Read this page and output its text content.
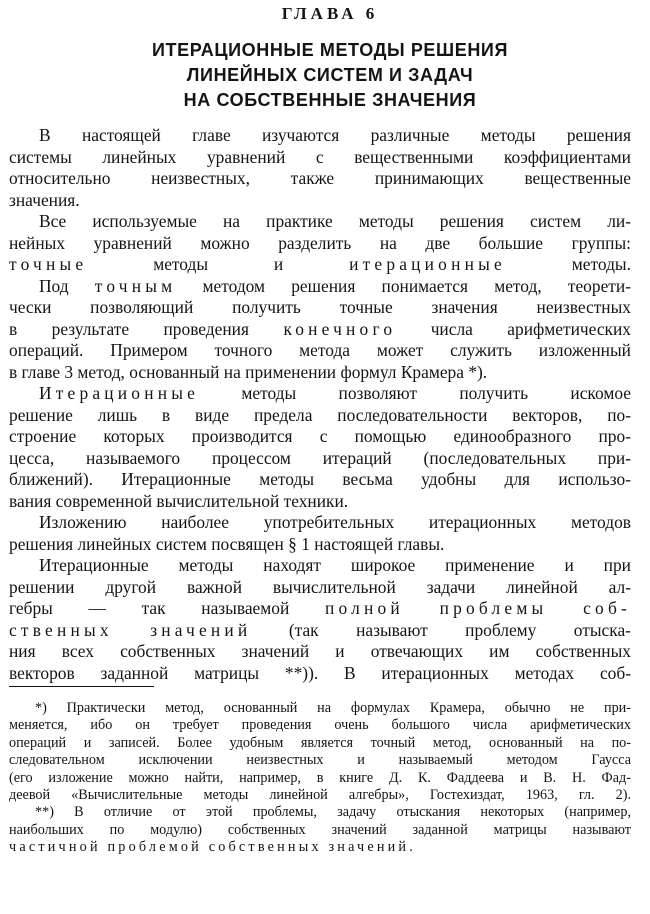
ГЛАВА 6
ИТЕРАЦИОННЫЕ МЕТОДЫ РЕШЕНИЯ
ЛИНЕЙНЫХ СИСТЕМ И ЗАДАЧ
НА СОБСТВЕННЫЕ ЗНАЧЕНИЯ

В настоящей главе изучаются различные методы решения
системы линейных уравнений с вещественными коэффициентами
относительно неизвестных, также принимающих вещественные
значения.

Все используемые на практике методы решения систем ли-
нейных уравнений можно разделить на две большие группы:
точные	методы и	итерационные	методы.

Под точным методом решения понимается метод, теорети-
чески позволяющий получить точные значения неизвестных
в результате проведения конечного числа арифметических
операций. Примером точного метода может служить изложенный
в главе 3 метод, основанный на применении формул Крамера *).

Итерационные методы позволяют получить искомое
решение лишь в виде предела последовательности векторов, по-
строение которых производится с помощью единообразного про-
цесса, называемого процессом итераций (последовательных при-
ближений). Итерационные методы весьма удобны для использо-
вания современной вычислительной техники.

Изложению наиболее употребительных итерационных методов
решения линейных систем посвящен § 1 настоящей главы.

Итерационные методы находят широкое применение и при
решении другой важной вычислительной задачи линейной ал-
гебры — так называемой полной проблемы соб-
ственных значений (так называют проблему отыска-
ния всех собственных значений и отвечающих им собственных
векторов заданной матрицы **)). В итерационных методах соб-

*) Практически метод, основанный на формулах Крамера, обычно не при-
меняется, ибо он требует проведения очень большого числа арифметических
операций и записей. Более удобным является точный метод, основанный на по-
следовательном исключении неизвестных и называемый методом Гаусса
(его изложение можно найти, например, в книге Д. К. Фаддеева и В. Н. Фад-
деевой «Вычислительные методы линейной алгебры», Гостехиздат, 1963, гл. 2).
**) В отличие от этой проблемы, задачу отыскания некоторых (например,
наибольших по модулю) собственных значений заданной матрицы называют
частичной проблемой собственных значений.
